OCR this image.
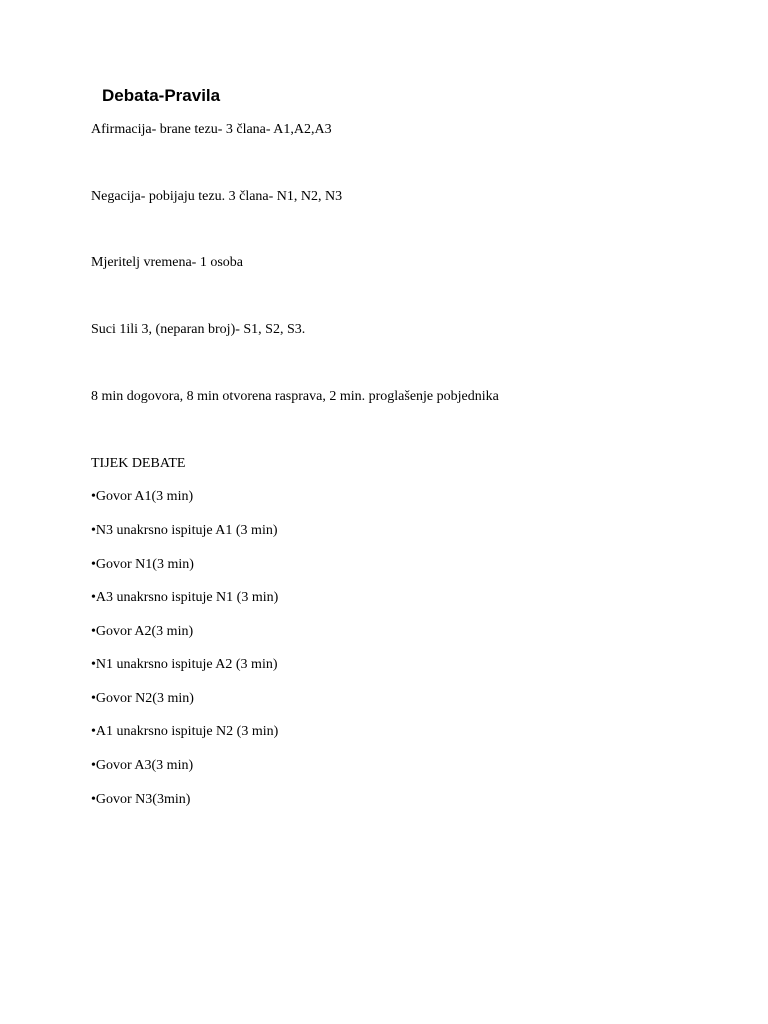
Debata-Pravila

Afirmacija- brane tezu- 3 člana- A1,A2,A3

Negacija- pobijaju tezu. 3 člana- N1, N2, N3

Mjeritelj vremena- 1 osoba

Suci 1ili 3, (neparan broj)- S1, S2, S3.

8 min dogovora, 8 min otvorena rasprava, 2 min. proglašenje pobjednika

TIJEK DEBATE

•Govor A1(3 min)

•N3 unakrsno ispituje A1 (3 min)

•Govor N1(3 min)

•A3 unakrsno ispituje N1 (3 min)

•Govor A2(3 min)

•N1 unakrsno ispituje A2 (3 min)

•Govor N2(3 min)

•A1 unakrsno ispituje N2 (3 min)

•Govor A3(3 min)

•Govor N3(3min)
